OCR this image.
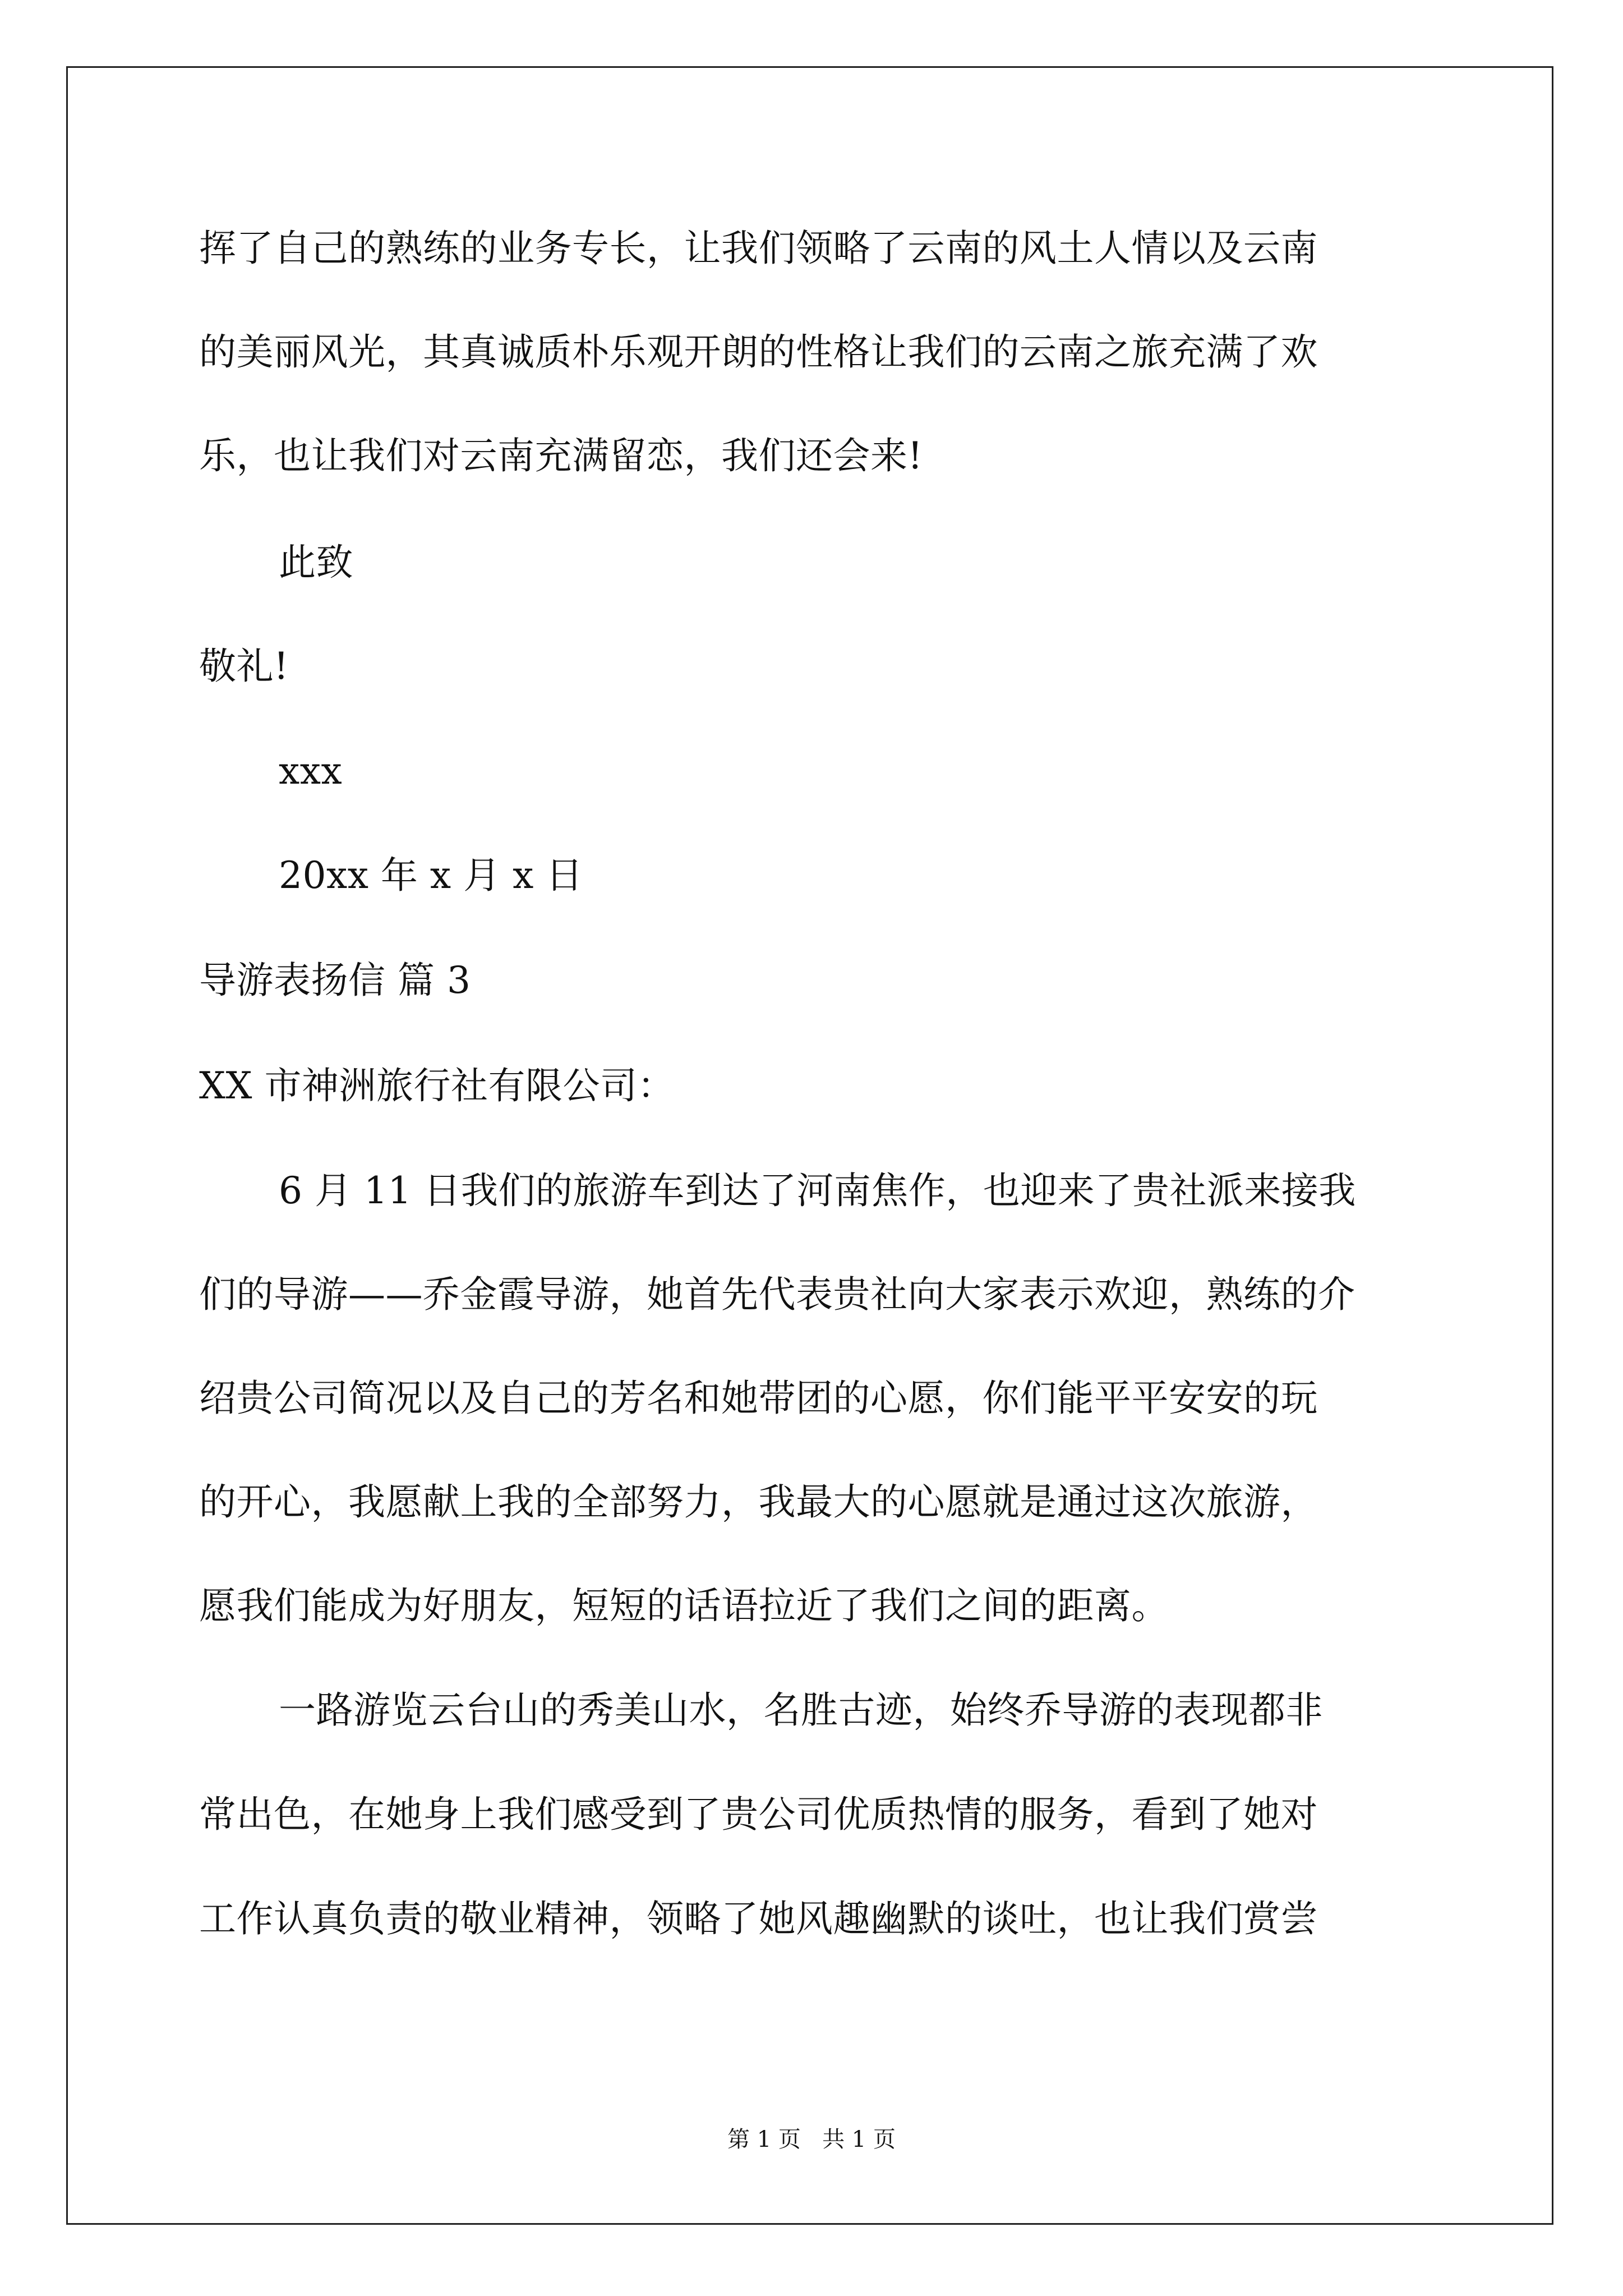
挥了自己的熟练的业务专长，让我们领略了云南的风土人情以及云南
的美丽风光，其真诚质朴乐观开朗的性格让我们的云南之旅充满了欢
乐，也让我们对云南充满留恋，我们还会来!
此致
敬礼!
xxx
20xx 年 x 月 x 日
导游表扬信 篇 3
XX 市神洲旅行社有限公司：
6 月 11 日我们的旅游车到达了河南焦作，也迎来了贵社派来接我
们的导游——乔金霞导游，她首先代表贵社向大家表示欢迎，熟练的介
绍贵公司简况以及自己的芳名和她带团的心愿，你们能平平安安的玩
的开心，我愿献上我的全部努力，我最大的心愿就是通过这次旅游，
愿我们能成为好朋友，短短的话语拉近了我们之间的距离。
一路游览云台山的秀美山水，名胜古迹，始终乔导游的表现都非
常出色，在她身上我们感受到了贵公司优质热情的服务，看到了她对
工作认真负责的敬业精神，领略了她风趣幽默的谈吐，也让我们赏尝
第 1 页   共 1 页
